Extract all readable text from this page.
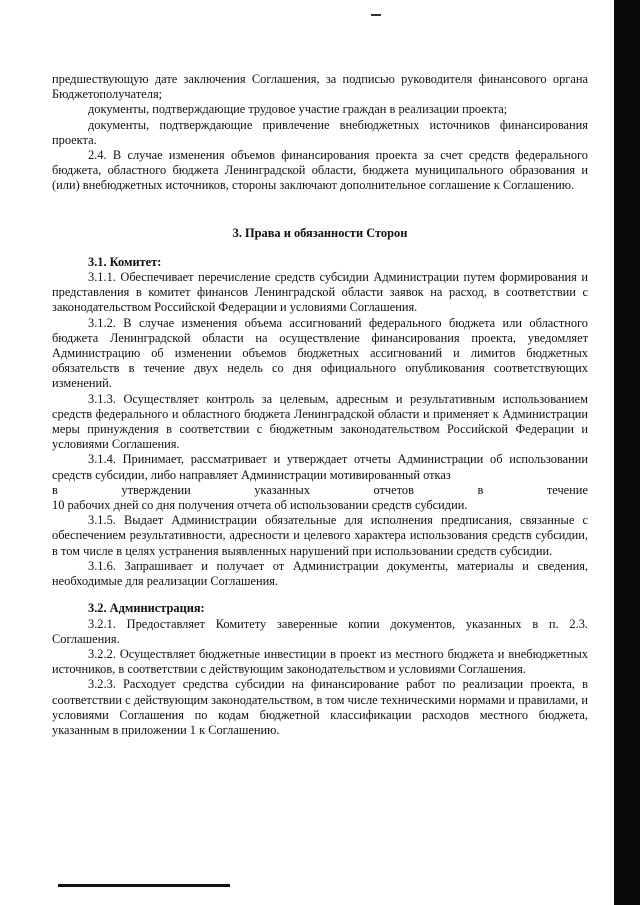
предшествующую дате заключения Соглашения, за подписью руководителя финансового органа Бюджетополучателя;

документы, подтверждающие трудовое участие граждан в реализации проекта;

документы, подтверждающие привлечение внебюджетных источников финансирования проекта.

2.4. В случае изменения объемов финансирования проекта за счет средств федерального бюджета, областного бюджета Ленинградской области, бюджета муниципального образования и (или) внебюджетных источников, стороны заключают дополнительное соглашение к Соглашению.

3. Права и обязанности Сторон

3.1. Комитет:

3.1.1. Обеспечивает перечисление средств субсидии Администрации путем формирования и представления в комитет финансов Ленинградской области заявок на расход, в соответствии с законодательством Российской Федерации и условиями Соглашения.

3.1.2. В случае изменения объема ассигнований федерального бюджета или областного бюджета Ленинградской области на осуществление финансирования проекта, уведомляет Администрацию об изменении объемов бюджетных ассигнований и лимитов бюджетных обязательств в течение двух недель со дня официального опубликования соответствующих изменений.

3.1.3. Осуществляет контроль за целевым, адресным и результативным использованием средств федерального и областного бюджета Ленинградской области и применяет к Администрации меры принуждения в соответствии с бюджетным законодательством Российской Федерации и условиями Соглашения.

3.1.4. Принимает, рассматривает и утверждает отчеты Администрации об использовании средств субсидии, либо направляет Администрации мотивированный отказ

в	утверждении	указанных	отчетов	в	течение

10 рабочих дней со дня получения отчета об использовании средств субсидии.

3.1.5. Выдает Администрации обязательные для исполнения предписания, связанные с обеспечением результативности, адресности и целевого характера использования средств субсидии, в том числе в целях устранения выявленных нарушений при использовании средств субсидии.

3.1.6. Запрашивает и получает от Администрации документы, материалы и сведения, необходимые для реализации Соглашения.

3.2. Администрация:

3.2.1. Предоставляет Комитету заверенные копии документов, указанных в п. 2.3. Соглашения.

3.2.2. Осуществляет бюджетные инвестиции в проект из местного бюджета и внебюджетных источников, в соответствии с действующим законодательством и условиями Соглашения.

3.2.3. Расходует средства субсидии на финансирование работ по реализации проекта, в соответствии с действующим законодательством, в том числе техническими нормами и правилами, и условиями Соглашения по кодам бюджетной классификации расходов местного бюджета, указанным в приложении 1 к Соглашению.
